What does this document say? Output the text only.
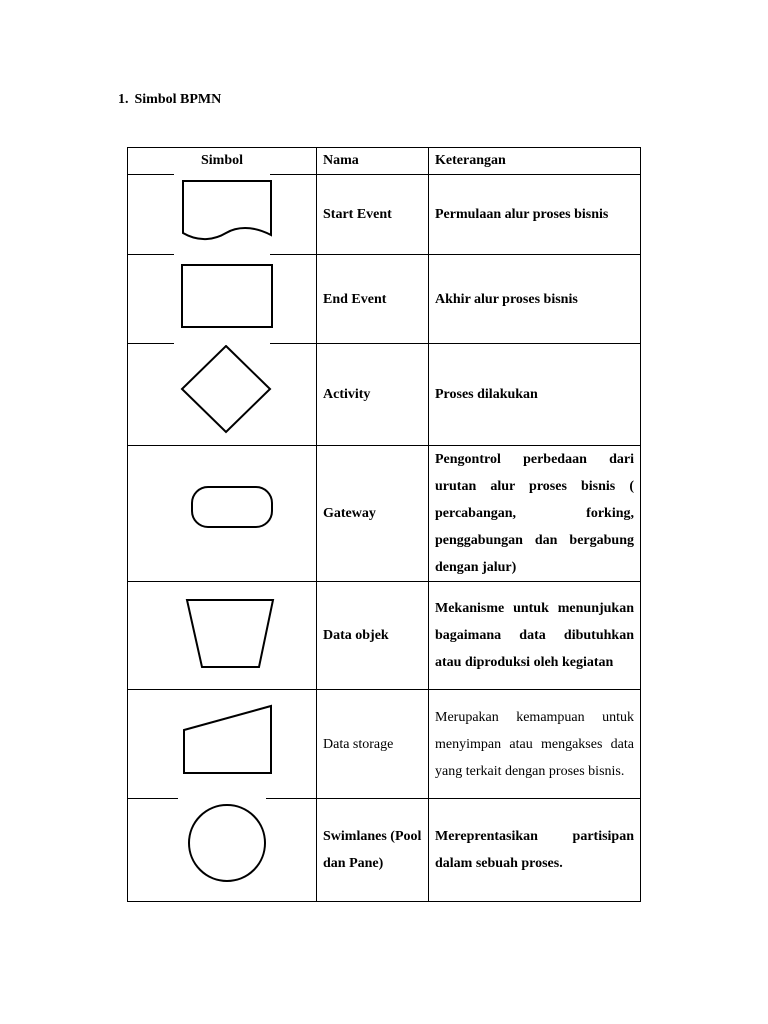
1. Simbol BPMN
Simbol	Nama	Keterangan

	Start Event	Permulaan alur proses bisnis

	End Event	Akhir alur proses bisnis

	Activity	Proses dilakukan

	Gateway	Pengontrol perbedaan dari urutan alur proses bisnis ( percabangan, forking, penggabungan dan bergabung dengan jalur)

	Data objek	Mekanisme untuk menunjukan bagaimana data dibutuhkan atau diproduksi oleh kegiatan

	Data storage	Merupakan kemampuan untuk menyimpan atau mengakses data yang terkait dengan proses bisnis.

	Swimlanes (Pool dan Pane)	Mereprentasikan partisipan dalam sebuah proses.
